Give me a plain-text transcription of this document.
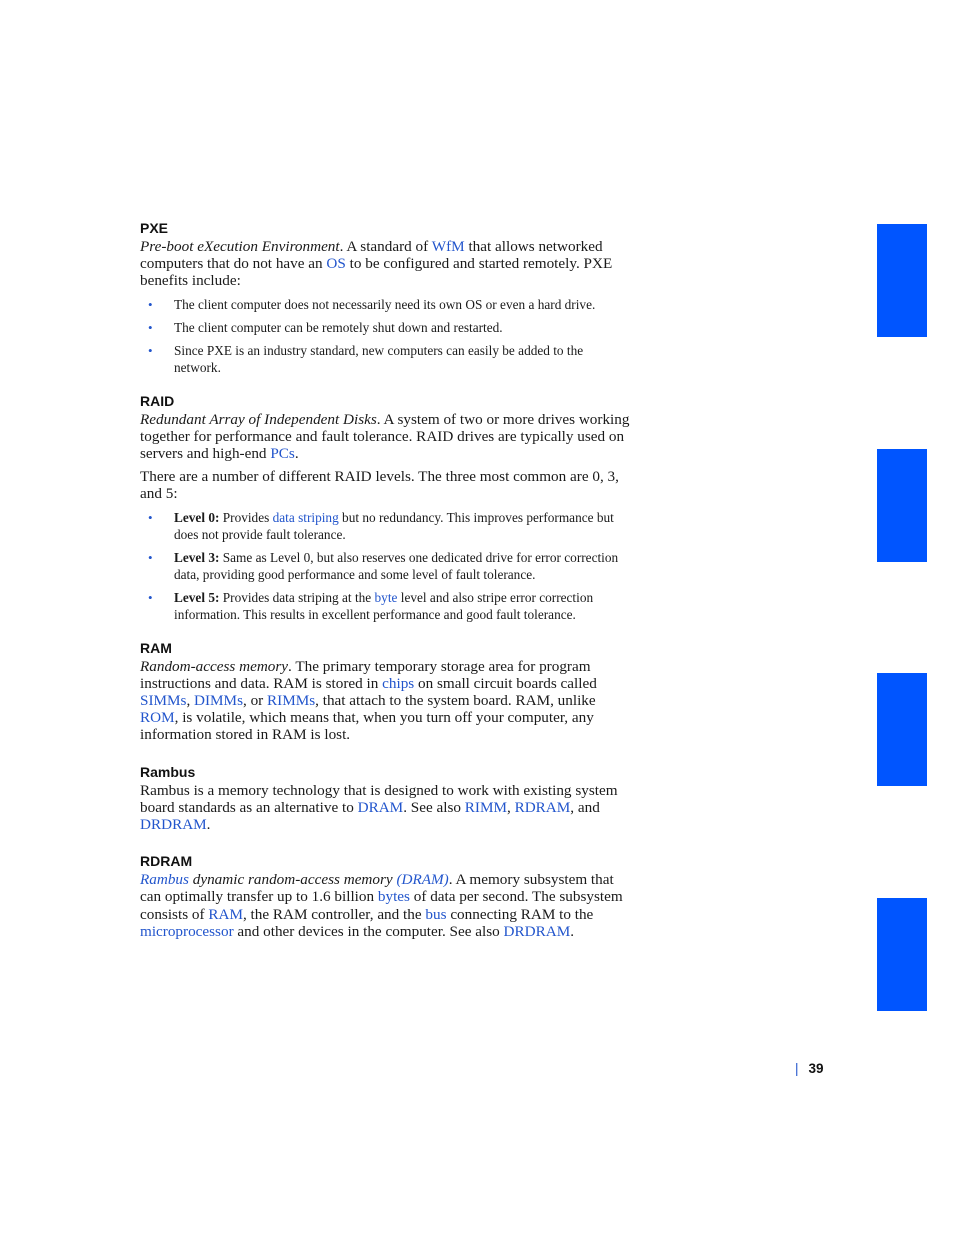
PXE

Pre-boot eXecution Environment. A standard of WfM that allows networked computers that do not have an OS to be configured and started remotely. PXE benefits include:

• The client computer does not necessarily need its own OS or even a hard drive.
• The client computer can be remotely shut down and restarted.
• Since PXE is an industry standard, new computers can easily be added to the network.

RAID

Redundant Array of Independent Disks. A system of two or more drives working together for performance and fault tolerance. RAID drives are typically used on servers and high-end PCs.

There are a number of different RAID levels. The three most common are 0, 3, and 5:

• Level 0: Provides data striping but no redundancy. This improves performance but does not provide fault tolerance.
• Level 3: Same as Level 0, but also reserves one dedicated drive for error correction data, providing good performance and some level of fault tolerance.
• Level 5: Provides data striping at the byte level and also stripe error correction information. This results in excellent performance and good fault tolerance.

RAM

Random-access memory. The primary temporary storage area for program instructions and data. RAM is stored in chips on small circuit boards called SIMMs, DIMMs, or RIMMs, that attach to the system board. RAM, unlike ROM, is volatile, which means that, when you turn off your computer, any information stored in RAM is lost.

Rambus

Rambus is a memory technology that is designed to work with existing system board standards as an alternative to DRAM. See also RIMM, RDRAM, and DRDRAM.

RDRAM

Rambus dynamic random-access memory (DRAM). A memory subsystem that can optimally transfer up to 1.6 billion bytes of data per second. The subsystem consists of RAM, the RAM controller, and the bus connecting RAM to the microprocessor and other devices in the computer. See also DRDRAM.

| 39
